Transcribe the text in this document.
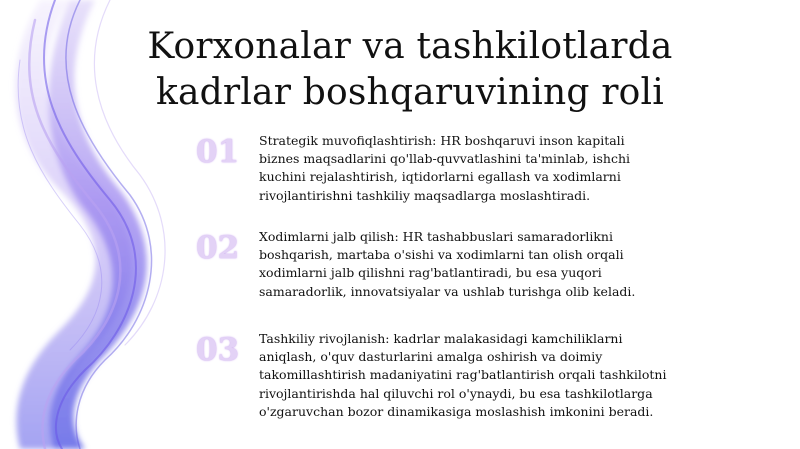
Korxonalar va tashkilotlarda
kadrlar boshqaruvining roli
01	Strategik muvofiqlashtirish: HR boshqaruvi inson kapitali
biznes maqsadlarini qo'llab-quvvatlashini ta'minlab, ishchi
kuchini rejalashtirish, iqtidorlarni egallash va xodimlarni
rivojlantirishni tashkiliy maqsadlarga moslashtiradi.

02	Xodimlarni jalb qilish: HR tashabbuslari samaradorlikni
boshqarish, martaba o'sishi va xodimlarni tan olish orqali
xodimlarni jalb qilishni rag'batlantiradi, bu esa yuqori
samaradorlik, innovatsiyalar va ushlab turishga olib keladi.

03	Tashkiliy rivojlanish: kadrlar malakasidagi kamchiliklarni
aniqlash, o'quv dasturlarini amalga oshirish va doimiy
takomillashtirish madaniyatini rag'batlantirish orqali tashkilotni
rivojlantirishda hal qiluvchi rol o'ynaydi, bu esa tashkilotlarga
o'zgaruvchan bozor dinamikasiga moslashish imkonini beradi.
